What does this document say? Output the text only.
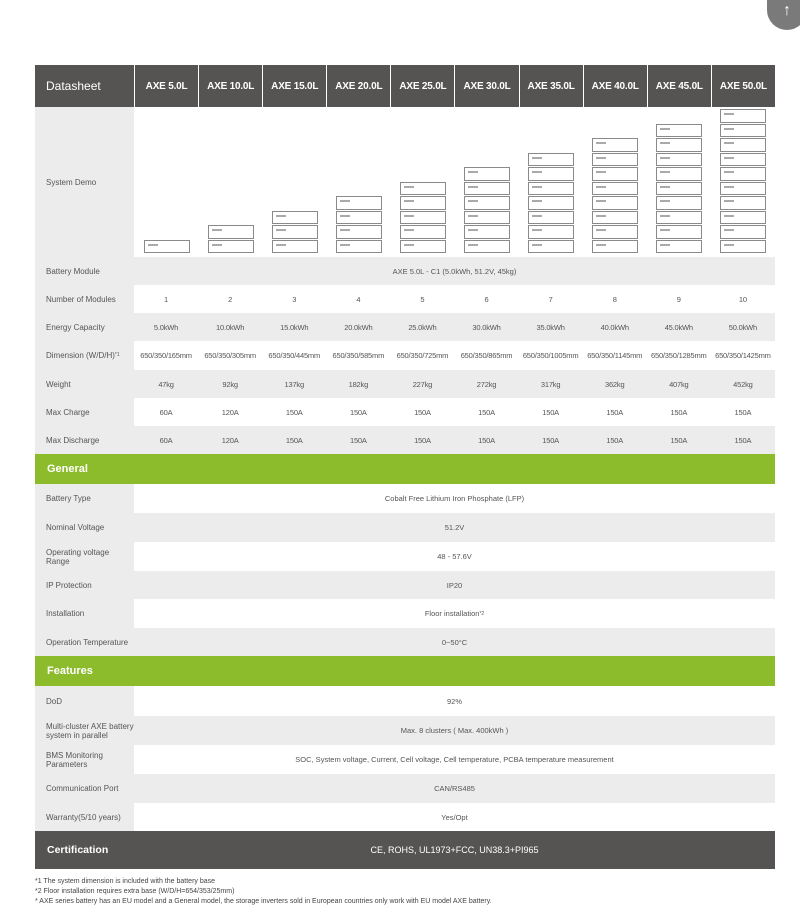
↑
Datasheet	AXE 5.0L	AXE 10.0L	AXE 15.0L	AXE 20.0L	AXE 25.0L	AXE 30.0L	AXE 35.0L	AXE 40.0L	AXE 45.0L	AXE 50.0L
System Demo
Battery Module	AXE 5.0L - C1 (5.0kWh, 51.2V, 45kg)
Number of Modules	1	2	3	4	5	6	7	8	9	10
Energy Capacity	5.0kWh	10.0kWh	15.0kWh	20.0kWh	25.0kWh	30.0kWh	35.0kWh	40.0kWh	45.0kWh	50.0kWh
Dimension (W/D/H) *1	650/350/165mm	650/350/305mm	650/350/445mm	650/350/585mm	650/350/725mm	650/350/865mm	650/350/1005mm	650/350/1145mm	650/350/1285mm	650/350/1425mm
Weight	47kg	92kg	137kg	182kg	227kg	272kg	317kg	362kg	407kg	452kg
Max Charge	60A	120A	150A	150A	150A	150A	150A	150A	150A	150A
Max Discharge	60A	120A	150A	150A	150A	150A	150A	150A	150A	150A
General
Battery Type	Cobalt Free Lithium Iron Phosphate (LFP)
Nominal Voltage	51.2V
Operating voltage Range	48 - 57.6V
IP Protection	IP20
Installation	Floor installation *2
Operation Temperature	0~50°C
Features
DoD	92%
Multi-cluster AXE battery system in parallel	Max. 8 clusters ( Max. 400kWh )
BMS Monitoring Parameters	SOC, System voltage, Current, Cell voltage, Cell temperature, PCBA temperature measurement
Communication Port	CAN/RS485
Warranty(5/10 years)	Yes/Opt
Certification	CE, ROHS, UL1973+FCC, UN38.3+PI965
*1 The system dimension is included with the battery base
*2 Floor installation requires extra base (W/D/H=654/353/25mm)
* AXE series battery has an EU model and a General model, the storage inverters sold in European countries only work with EU model AXE battery.
